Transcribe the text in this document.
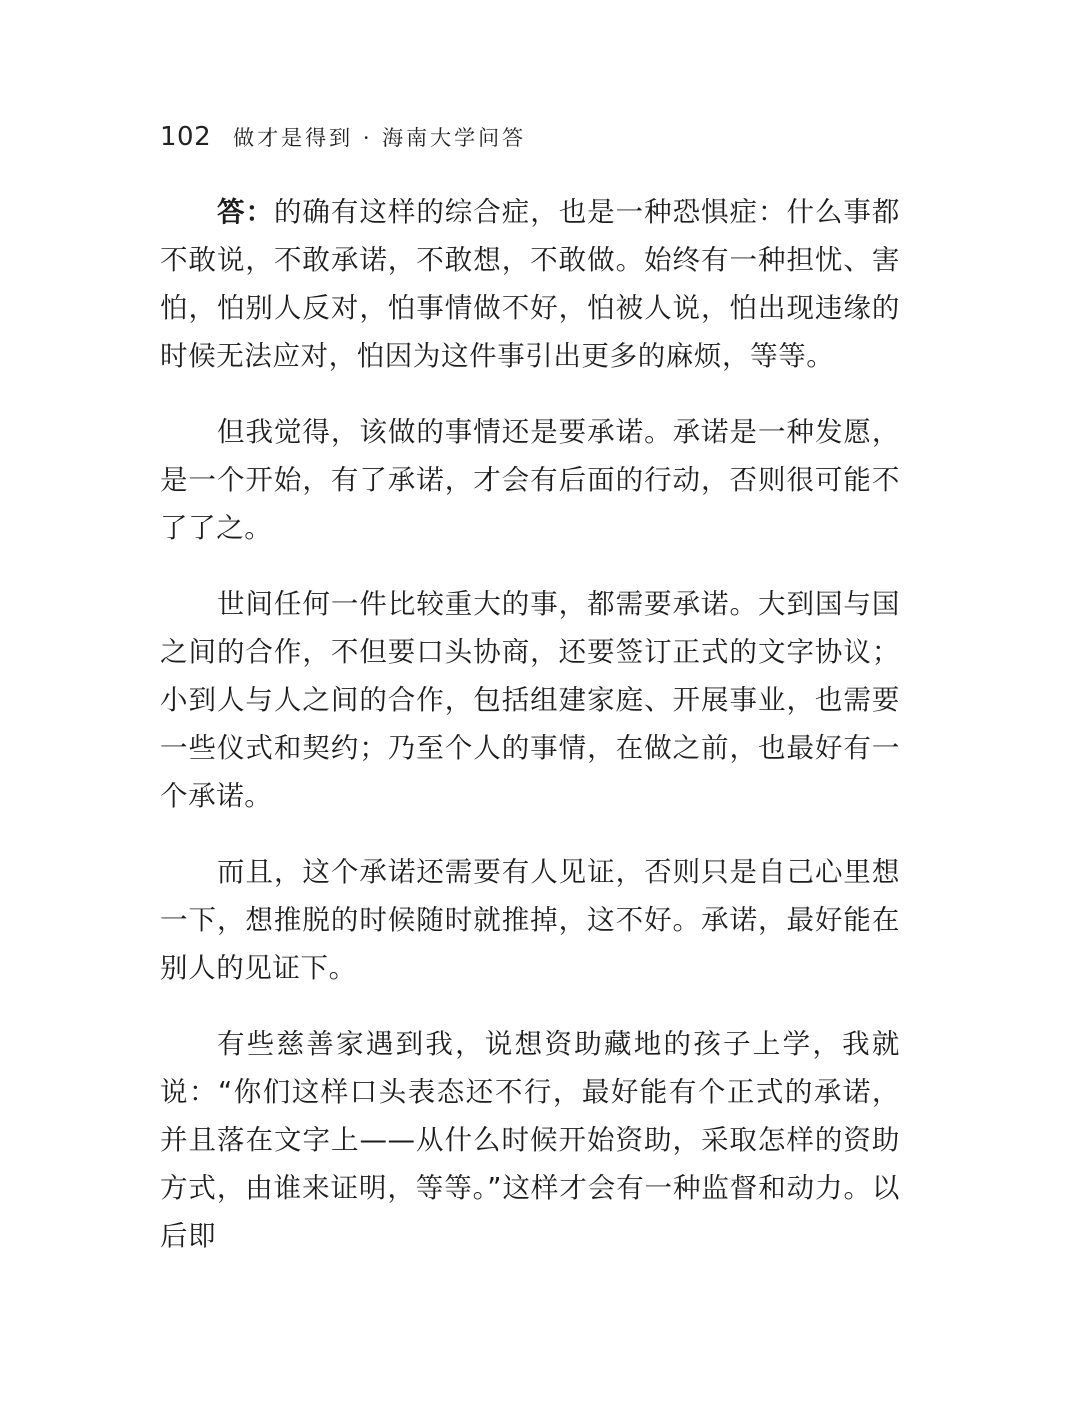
102 做才是得到 · 海南大学问答

答：的确有这样的综合症，也是一种恐惧症：什么事都不敢说，不敢承诺，不敢想，不敢做。始终有一种担忧、害怕，怕别人反对，怕事情做不好，怕被人说，怕出现违缘的时候无法应对，怕因为这件事引出更多的麻烦，等等。

但我觉得，该做的事情还是要承诺。承诺是一种发愿，是一个开始，有了承诺，才会有后面的行动，否则很可能不了了之。

世间任何一件比较重大的事，都需要承诺。大到国与国之间的合作，不但要口头协商，还要签订正式的文字协议；小到人与人之间的合作，包括组建家庭、开展事业，也需要一些仪式和契约；乃至个人的事情，在做之前，也最好有一个承诺。

而且，这个承诺还需要有人见证，否则只是自己心里想一下，想推脱的时候随时就推掉，这不好。承诺，最好能在别人的见证下。

有些慈善家遇到我，说想资助藏地的孩子上学，我就说：“你们这样口头表态还不行，最好能有个正式的承诺，并且落在文字上——从什么时候开始资助，采取怎样的资助方式，由谁来证明，等等。”这样才会有一种监督和动力。以后即
